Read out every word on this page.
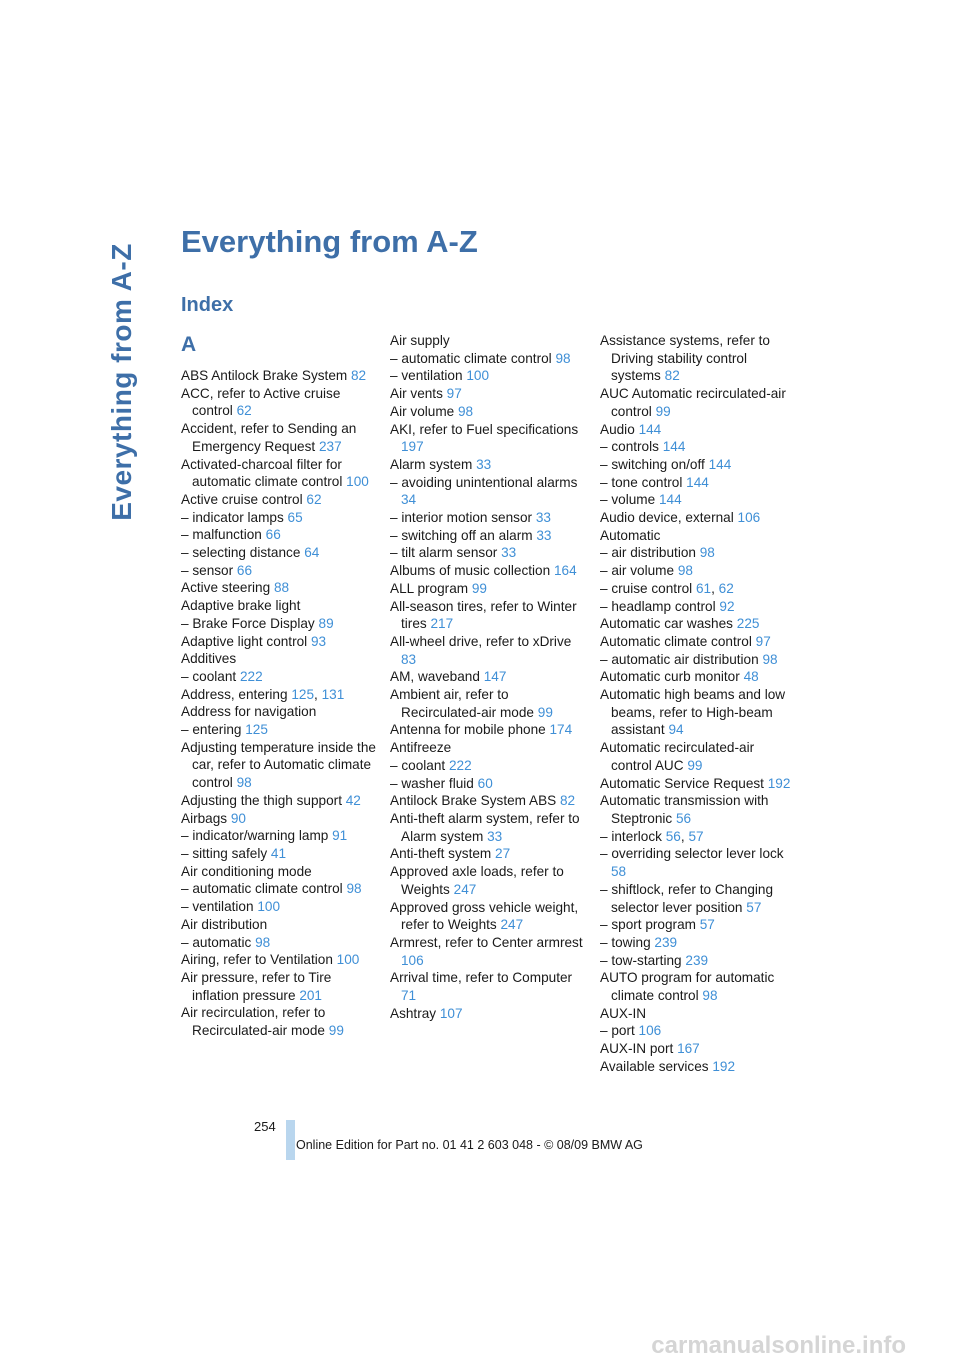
Everything from A-Z
Everything from A-Z
Index
A
ABS Antilock Brake System 82
ACC, refer to Active cruise control 62
Accident, refer to Sending an Emergency Request 237
Activated-charcoal filter for automatic climate control 100
Active cruise control 62
– indicator lamps 65
– malfunction 66
– selecting distance 64
– sensor 66
Active steering 88
Adaptive brake light
– Brake Force Display 89
Adaptive light control 93
Additives
– coolant 222
Address, entering 125, 131
Address for navigation
– entering 125
Adjusting temperature inside the car, refer to Automatic climate control 98
Adjusting the thigh support 42
Airbags 90
– indicator/warning lamp 91
– sitting safely 41
Air conditioning mode
– automatic climate control 98
– ventilation 100
Air distribution
– automatic 98
Airing, refer to Ventilation 100
Air pressure, refer to Tire inflation pressure 201
Air recirculation, refer to Recirculated-air mode 99
Air supply
– automatic climate control 98
– ventilation 100
Air vents 97
Air volume 98
AKI, refer to Fuel specifications 197
Alarm system 33
– avoiding unintentional alarms 34
– interior motion sensor 33
– switching off an alarm 33
– tilt alarm sensor 33
Albums of music collection 164
ALL program 99
All-season tires, refer to Winter tires 217
All-wheel drive, refer to xDrive 83
AM, waveband 147
Ambient air, refer to Recirculated-air mode 99
Antenna for mobile phone 174
Antifreeze
– coolant 222
– washer fluid 60
Antilock Brake System ABS 82
Anti-theft alarm system, refer to Alarm system 33
Anti-theft system 27
Approved axle loads, refer to Weights 247
Approved gross vehicle weight, refer to Weights 247
Armrest, refer to Center armrest 106
Arrival time, refer to Computer 71
Ashtray 107
Assistance systems, refer to Driving stability control systems 82
AUC Automatic recirculated-air control 99
Audio 144
– controls 144
– switching on/off 144
– tone control 144
– volume 144
Audio device, external 106
Automatic
– air distribution 98
– air volume 98
– cruise control 61, 62
– headlamp control 92
Automatic car washes 225
Automatic climate control 97
– automatic air distribution 98
Automatic curb monitor 48
Automatic high beams and low beams, refer to High-beam assistant 94
Automatic recirculated-air control AUC 99
Automatic Service Request 192
Automatic transmission with Steptronic 56
– interlock 56, 57
– overriding selector lever lock 58
– shiftlock, refer to Changing selector lever position 57
– sport program 57
– towing 239
– tow-starting 239
AUTO program for automatic climate control 98
AUX-IN
– port 106
AUX-IN port 167
Available services 192
254
Online Edition for Part no. 01 41 2 603 048 - © 08/09 BMW AG
carmanualsonline.info
